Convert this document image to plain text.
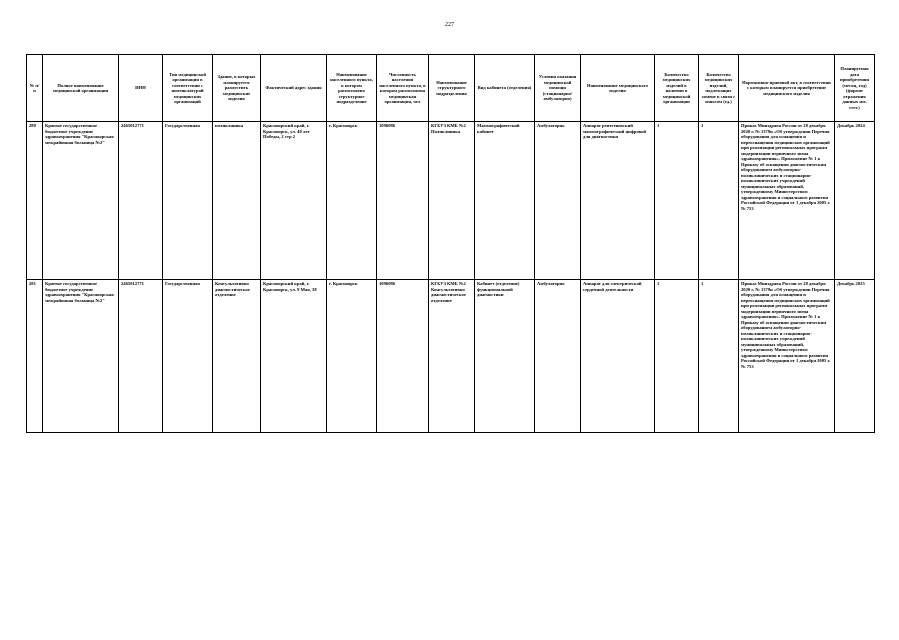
227
№ п/п	Полное наименование медицинской организации	ИНН	Тип медицинской организации в соответствии с номенклатурой медицинских организаций	Здание, в которых планируется разместить медицинские изделия	Фактический адрес здания	Наименование населенного пункта, в котором расположено структурное подразделение	Численность населения населенного пункта, в котором расположена медицинская организация, чел	Наименование структурного подразделения	Вид кабинета (отделения)	Условия оказания медицинской помощи (стационарно/амбулаторно)	Наименование медицинского изделия	Количество медицинских изделий в наличии в медицинской организации	Количество медицинских изделий, подлежащих замене в связи с износом (ед.)	Нормативно-правовой акт, в соответствии с которым планируется приобретение медицинского изделия	Планируемая дата приобретения (месяц, год) (формат отражения данных мм. гггг.)
280	Краевое государственное бюджетное учреждение здравоохранения "Красноярская межрайонная больница №2"	2465012771	Государственная	поликлиника	Красноярский край, г. Красноярск, ул. 40 лет Победы, 2 стр 2	г. Красноярск	1096086	КГБУЗ КМБ №2 Поликлиника	Маммографический кабинет	Амбулаторно	Аппарат рентгеновский маммографический цифровой для диагностики	1	1	Приказ Минздрава России от 28 декабря 2020 г. № 1379н «Об утверждении Перечня оборудования для оснащения и переоснащения медицинских организаций при реализации региональных программ модернизации первичного звена здравоохранения». Приложение № 1 к Приказу об оснащении диагностическим оборудованием амбулаторно-поликлинических и стационарно-поликлинических учреждений муниципальных образований, утвержденному Министерством здравоохранения и социального развития Российской Федерации от 1 декабря 2005 г. № 753	Декабрь 2024
281	Краевое государственное бюджетное учреждение здравоохранения "Красноярская межрайонная больница №2"	2465012771	Государственная	Консультативно диагностическое отделение	Красноярский край, г. Красноярск, ул. 9 Мая, 38	г. Красноярск	1096086	КГБУЗ КМБ №2 Консультативно диагностическое отделение	Кабинет (отделение) функциональной диагностики	Амбулаторно	Аппарат для электрической сердечной деятельности	1	1	Приказ Минздрава России от 28 декабря 2020 г. № 1379н «Об утверждении Перечня оборудования для оснащения и переоснащения медицинских организаций при реализации региональных программ модернизации первичного звена здравоохранения». Приложение № 1 к Приказу об оснащении диагностическим оборудованием амбулаторно-поликлинических и стационарно-поликлинических учреждений муниципальных образований, утвержденному Министерством здравоохранения и социального развития Российской Федерации от 1 декабря 2005 г. № 753	Декабрь 2025
